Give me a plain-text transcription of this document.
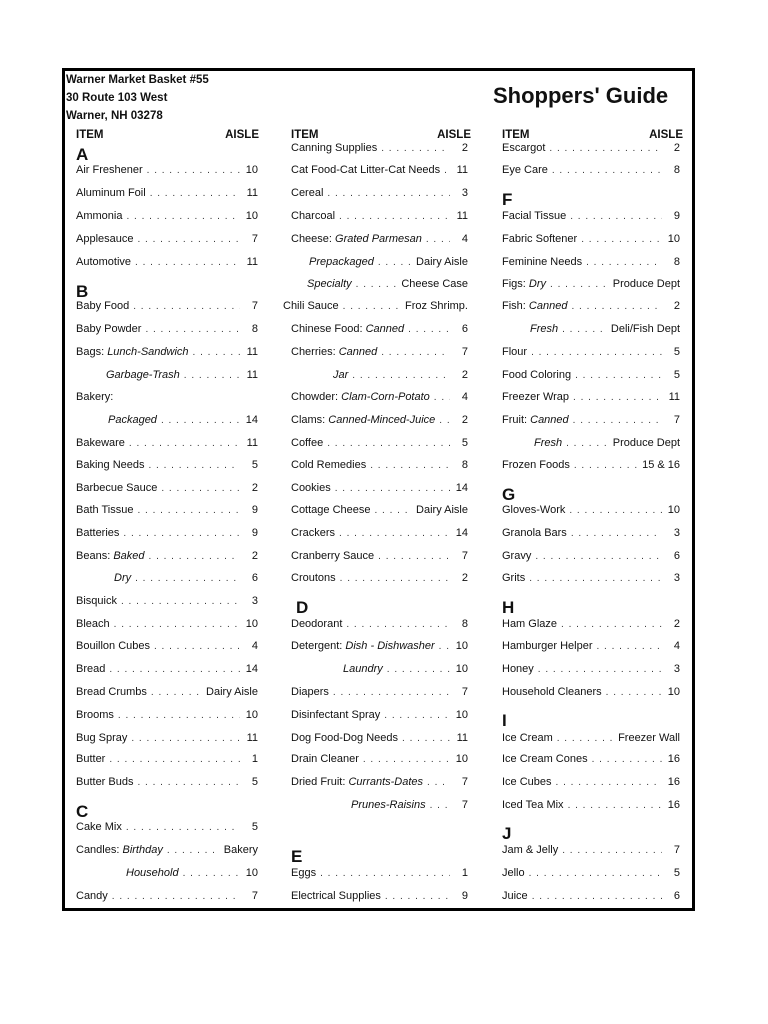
Warner Market Basket #55
30 Route 103 West
Warner, NH 03278
Shoppers' Guide
ITEM	AISLE	ITEM	AISLE	ITEM	AISLE
A
B
C
D
E
F
G
H
I
J
Air Freshener . . .	10
Aluminum Foil . . .	11
Ammonia . . .	10
Applesauce . . .	7
Automotive . . .	11
Baby Food . . .	7
Baby Powder . . .	8
Bags: Lunch-Sandwich . . .	11
Garbage-Trash . . .	11
Bakery:
Packaged . . .	14
Bakeware . . .	11
Baking Needs . . .	5
Barbecue Sauce . . .	2
Bath Tissue . . .	9
Batteries . . .	9
Beans: Baked . . .	2
Dry . . .	6
Bisquick . . .	3
Bleach . . .	10
Bouillon Cubes . . .	4
Bread . . .	14
Bread Crumbs . . .	Dairy Aisle
Brooms . . .	10
Bug Spray . . .	11
Butter . . .	1
Butter Buds . . .	5
Cake Mix . . .	5
Candles: Birthday . . .	Bakery
Household . . .	10
Candy . . .	7
Canning Supplies . . .	2
Cat Food-Cat Litter-Cat Needs . . . 11
Cereal . . .	3
Charcoal . . .	11
Cheese: Grated Parmesan . . .	4
Prepackaged . . .	Dairy Aisle
Specialty . . .	Cheese Case
Chili Sauce . . .	Froz Shrimp.
Chinese Food: Canned . . .	6
Cherries: Canned . . .	7
Jar . . .	2
Chowder: Clam-Corn-Potato . . .	4
Clams: Canned-Minced-Juice . . .	2
Coffee . . .	5
Cold Remedies . . .	8
Cookies . . .	14
Cottage Cheese . . .	Dairy Aisle
Crackers . . .	14
Cranberry Sauce . . .	7
Croutons . . .	2
Deodorant . . .	8
Detergent: Dish - Dishwasher . . . 10
Laundry . . .	10
Diapers . . .	7
Disinfectant Spray . . .	10
Dog Food-Dog Needs . . .	11
Drain Cleaner . . .	10
Dried Fruit: Currants-Dates . . .	7
Prunes-Raisins . . .	7
Eggs . . .	1
Electrical Supplies . . .	9
Escargot . . .	2
Eye Care . . .	8
Facial Tissue . . .	9
Fabric Softener . . .	10
Feminine Needs . . .	8
Figs: Dry . . .	Produce Dept
Fish: Canned . . .	2
Fresh . . .	Deli/Fish Dept
Flour . . .	5
Food Coloring . . .	5
Freezer Wrap . . .	11
Fruit: Canned . . .	7
Fresh . . .	Produce Dept
Frozen Foods . . .	15 & 16
Gloves-Work . . .	10
Granola Bars . . .	3
Gravy . . .	6
Grits . . .	3
Ham Glaze . . .	2
Hamburger Helper . . .	4
Honey . . .	3
Household Cleaners . . .	10
Ice Cream . . .	Freezer Wall
Ice Cream Cones . . .	16
Ice Cubes . . .	16
Iced Tea Mix . . .	16
Jam & Jelly . . .	7
Jello . . .	5
Juice . . .	6
